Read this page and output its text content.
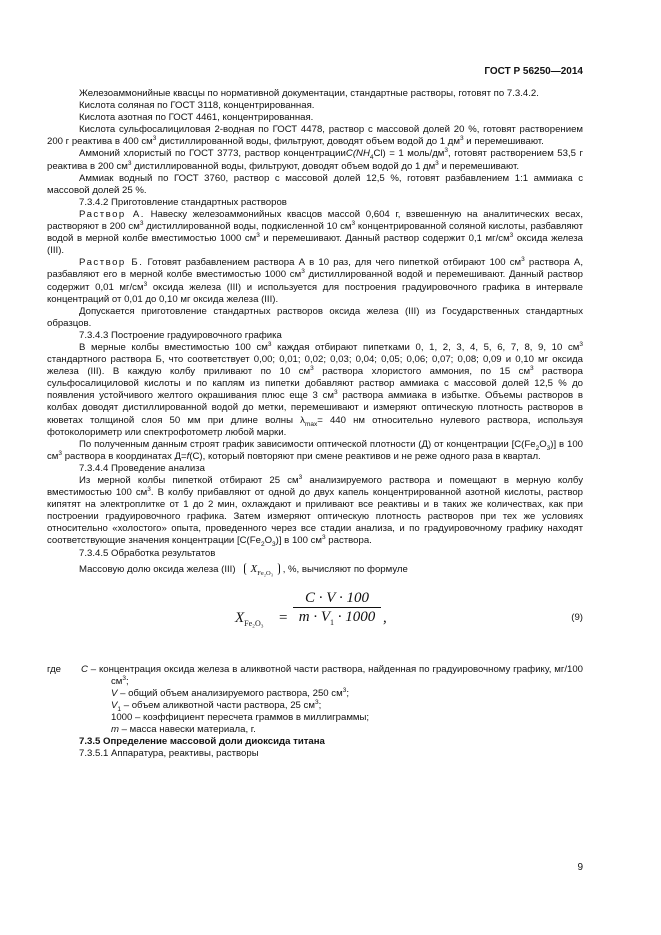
ГОСТ Р 56250—2014

Железоаммонийные квасцы по нормативной документации, стандартные растворы, готовят по 7.3.4.2.

Кислота соляная по ГОСТ 3118, концентрированная.

Кислота азотная по ГОСТ 4461, концентрированная.

Кислота сульфосалициловая 2-водная по ГОСТ 4478, раствор с массовой долей 20 %, готовят растворением 200 г реактива в 400 $см^3$ дистиллированной воды, фильтруют, доводят объем водой до 1 $дм^3$ и перемешивают.

Аммоний хлористый по ГОСТ 3773, раствор $концентрацииC(NH_4Cl) = 1$ моль/$дм^3$, готовят растворением 53,5 г реактива в 200 $см^3$ дистиллированной воды, фильтруют, доводят объем водой до 1 $дм^3$ и перемешивают.

Аммиак водный по ГОСТ 3760, раствор с массовой долей 12,5 %, готовят разбавлением 1:1 аммиака с массовой долей 25 %.

7.3.4.2 Приготовление стандартных растворов

Раствор А. Навеску железоаммонийных квасцов массой 0,604 г, взвешенную на аналитических весах, растворяют в 200 $см^3$ дистиллированной воды, подкисленной 10 $см^3$ концентрированной соляной кислоты, разбавляют водой в мерной колбе вместимостью 1000 $см^3$ и перемешивают. Данный раствор содержит 0,1 $мг/см^3$ оксида железа (III).

Раствор Б. Готовят разбавлением раствора А в 10 раз, для чего пипеткой отбирают 100 $см^3$ раствора А, разбавляют его в мерной колбе вместимостью 1000 $см^3$ дистиллированной водой и перемешивают. Данный раствор содержит 0,01 $мг/см^3$ оксида железа (III) и используется для построения градуировочного графика в интервале концентраций от 0,01 до 0,10 мг оксида железа (III).

Допускается приготовление стандартных растворов оксида железа (III) из Государственных стандартных образцов.

7.3.4.3 Построение градуировочного графика

В мерные колбы вместимостью 100 $см^3$ каждая отбирают пипетками 0, 1, 2, 3, 4, 5, 6, 7, 8, 9, 10 $см^3$ стандартного раствора Б, что соответствует 0,00; 0,01; 0,02; 0,03; 0,04; 0,05; 0,06; 0,07; 0,08; 0,09 и 0,10 мг оксида железа (III). В каждую колбу приливают по 10 $см^3$ раствора хлористого аммония, по 15 $см^3$ раствора сульфосалициловой кислоты и по каплям из пипетки добавляют раствор аммиака с массовой долей 12,5 % до появления устойчивого желтого окрашивания плюс еще 3 $см^3$ раствора аммиака в избытке. Объемы растворов в колбах доводят дистиллированной водой до метки, перемешивают и измеряют оптическую плотность растворов в кюветах толщиной слоя 50 мм при длине волны $\lambda_{max}= 440$ нм относительно нулевого раствора, используя фотоколориметр или спектрофотометр любой марки.

По полученным данным строят график зависимости оптической плотности (Д) от концентрации $[C(Fe_2O_3)]$ в 100 $см^3$ раствора в координатах Д=f(С), который повторяют при смене реактивов и не реже одного раза в квартал.

7.3.4.4 Проведение анализа

Из мерной колбы пипеткой отбирают 25 $см^3$ анализируемого раствора и помещают в мерную колбу вместимостью 100 $см^3$. В колбу прибавляют от одной до двух капель концентрированной азотной кислоты, раствор кипятят на электроплитке от 1 до 2 мин, охлаждают и приливают все реактивы и в таких же количествах, как при построении градуировочного графика. Затем измеряют оптическую плотность растворов при тех же условиях относительно «холостого» опыта, проведенного через все стадии анализа, и по градуировочному графику находят соответствующие значения концентрации $[C(Fe_2O_3)]$ в 100 $см^3$ раствора.

7.3.4.5 Обработка результатов

Массовую долю оксида железа (III) $X_{Fe_2O_3}$ , %, вычисляют по формуле

$X_{Fe_2O_3} = \frac{C \cdot V \cdot 100}{m \cdot V_1 \cdot 1000}$ ,	(9)
где	C – концентрация оксида железа в аликвотной части раствора, найденная по градуировочному графику, мг/100 $см^3$;

V – общий объем анализируемого раствора, 250 $см^3$;

$V_1$ – объем аликвотной части раствора, 25 $см^3$;

1000 – коэффициент пересчета граммов в миллиграммы;

m – масса навески материала, г.

7.3.5 Определение массовой доли диоксида титана

7.3.5.1 Аппаратура, реактивы, растворы

9
